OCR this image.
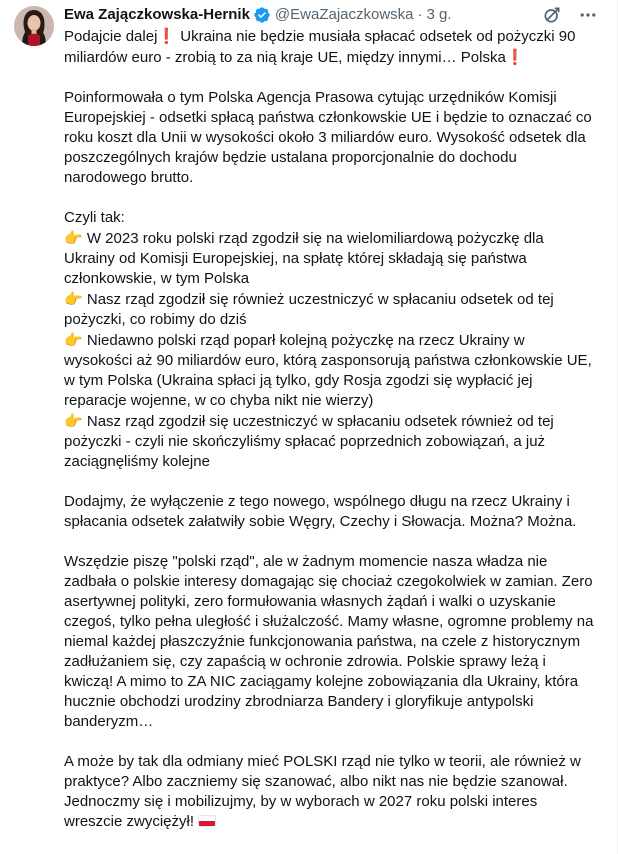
Ewa Zajączkowska-Hernik @EwaZajaczkowska · 3 g.

Podajcie dalej❗ Ukraina nie będzie musiała spłacać odsetek od pożyczki 90 miliardów euro - zrobią to za nią kraje UE, między innymi… Polska❗

Poinformowała o tym Polska Agencja Prasowa cytując urzędników Komisji Europejskiej - odsetki spłacą państwa członkowskie UE i będzie to oznaczać co roku koszt dla Unii w wysokości około 3 miliardów euro. Wysokość odsetek dla poszczególnych krajów będzie ustalana proporcjonalnie do dochodu narodowego brutto.

Czyli tak:

👉 W 2023 roku polski rząd zgodził się na wielomiliardową pożyczkę dla Ukrainy od Komisji Europejskiej, na spłatę której składają się państwa członkowskie, w tym Polska

👉 Nasz rząd zgodził się również uczestniczyć w spłacaniu odsetek od tej pożyczki, co robimy do dziś

👉 Niedawno polski rząd poparł kolejną pożyczkę na rzecz Ukrainy w wysokości aż 90 miliardów euro, którą zasponsorują państwa członkowskie UE, w tym Polska (Ukraina spłaci ją tylko, gdy Rosja zgodzi się wypłacić jej reparacje wojenne, w co chyba nikt nie wierzy)

👉 Nasz rząd zgodził się uczestniczyć w spłacaniu odsetek również od tej pożyczki - czyli nie skończyliśmy spłacać poprzednich zobowiązań, a już zaciągnęliśmy kolejne

Dodajmy, że wyłączenie z tego nowego, wspólnego długu na rzecz Ukrainy i spłacania odsetek załatwiły sobie Węgry, Czechy i Słowacja. Można? Można.

Wszędzie piszę "polski rząd", ale w żadnym momencie nasza władza nie zadbała o polskie interesy domagając się chociaż czegokolwiek w zamian. Zero asertywnej polityki, zero formułowania własnych żądań i walki o uzyskanie czegoś, tylko pełna uległość i służalczość. Mamy własne, ogromne problemy na niemal każdej płaszczyźnie funkcjonowania państwa, na czele z historycznym zadłużaniem się, czy zapaścią w ochronie zdrowia. Polskie sprawy leżą i kwiczą! A mimo to ZA NIC zaciągamy kolejne zobowiązania dla Ukrainy, która hucznie obchodzi urodziny zbrodniarza Bandery i gloryfikuje antypolski banderyzm…

A może by tak dla odmiany mieć POLSKI rząd nie tylko w teorii, ale również w praktyce? Albo zaczniemy się szanować, albo nikt nas nie będzie szanował. Jednoczmy się i mobilizujmy, by w wyborach w 2027 roku polski interes wreszcie zwyciężył!
